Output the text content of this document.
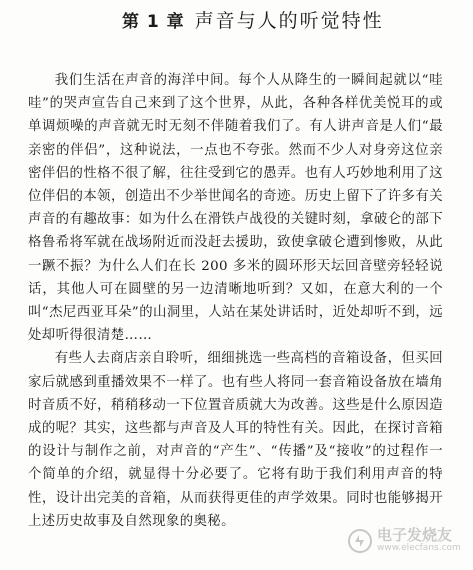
第 1 章 声音与人的听觉特性

我们生活在声音的海洋中间。每个人从降生的一瞬间起就以“哇哇”的哭声宣告自己来到了这个世界，从此，各种各样优美悦耳的或单调烦噪的声音就无时无刻不伴随着我们了。有人讲声音是人们“最亲密的伴侣”，这种说法，一点也不夸张。然而不少人对身旁这位亲密伴侣的性格不很了解，往往受到它的愚弄。也有人巧妙地利用了这位伴侣的本领，创造出不少举世闻名的奇迹。历史上留下了许多有关声音的有趣故事：如为什么在滑铁卢战役的关键时刻，拿破仑的部下格鲁希将军就在战场附近而没赶去援助，致使拿破仑遭到惨败，从此一蹶不振？为什么人们在长 200 多米的圆环形天坛回音壁旁轻轻说话，其他人可在圆壁的另一边清晰地听到？又如，在意大利的一个叫“杰尼西亚耳朵”的山洞里，人站在某处讲话时，近处却听不到，远处却听得很清楚……

有些人去商店亲自聆听，细细挑选一些高档的音箱设备，但买回家后就感到重播效果不一样了。也有些人将同一套音箱设备放在墙角时音质不好，稍稍移动一下位置音质就大为改善。这些是什么原因造成的呢？其实，这些都与声音及人耳的特性有关。因此，在探讨音箱的设计与制作之前，对声音的“产生”、“传播”及“接收”的过程作一个简单的介绍，就显得十分必要了。它将有助于我们利用声音的特性，设计出完美的音箱，从而获得更佳的声学效果。同时也能够揭开上述历史故事及自然现象的奥秘。

电子发烧友
www.elecfans.com
